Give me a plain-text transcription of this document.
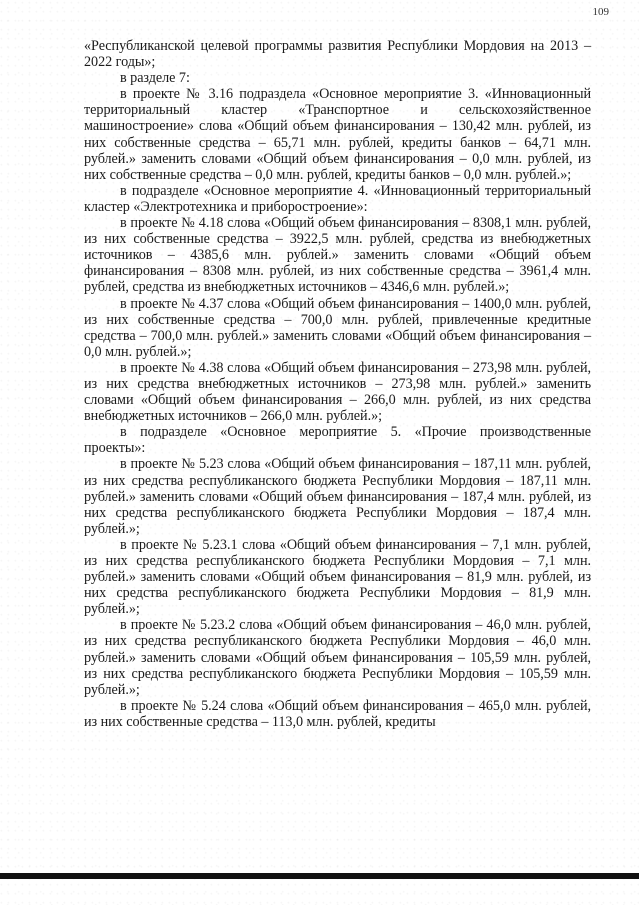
109

«Республиканской целевой программы развития Республики Мордовия на 2013 – 2022 годы»;

в разделе 7:

в проекте № 3.16 подраздела «Основное мероприятие 3. «Инновационный территориальный кластер «Транспортное и сельскохозяйственное машиностроение» слова «Общий объем финансирования – 130,42 млн. рублей, из них собственные средства – 65,71 млн. рублей, кредиты банков – 64,71 млн. рублей.» заменить словами «Общий объем финансирования – 0,0 млн. рублей, из них собственные средства – 0,0 млн. рублей, кредиты банков – 0,0 млн. рублей.»;

в подразделе «Основное мероприятие 4. «Инновационный территориальный кластер «Электротехника и приборостроение»:

в проекте № 4.18 слова «Общий объем финансирования – 8308,1 млн. рублей, из них собственные средства – 3922,5 млн. рублей, средства из внебюджетных источников – 4385,6 млн. рублей.» заменить словами «Общий объем финансирования – 8308 млн. рублей, из них собственные средства – 3961,4 млн. рублей, средства из внебюджетных источников – 4346,6 млн. рублей.»;

в проекте № 4.37 слова «Общий объем финансирования – 1400,0 млн. рублей, из них собственные средства – 700,0 млн. рублей, привлеченные кредитные средства – 700,0 млн. рублей.» заменить словами «Общий объем финансирования – 0,0 млн. рублей.»;

в проекте № 4.38 слова «Общий объем финансирования – 273,98 млн. рублей, из них средства внебюджетных источников – 273,98 млн. рублей.» заменить словами «Общий объем финансирования – 266,0 млн. рублей, из них средства внебюджетных источников – 266,0 млн. рублей.»;

в подразделе «Основное мероприятие 5. «Прочие производственные проекты»:

в проекте № 5.23 слова «Общий объем финансирования – 187,11 млн. рублей, из них средства республиканского бюджета Республики Мордовия – 187,11 млн. рублей.» заменить словами «Общий объем финансирования – 187,4 млн. рублей, из них средства республиканского бюджета Республики Мордовия – 187,4 млн. рублей.»;

в проекте № 5.23.1 слова «Общий объем финансирования – 7,1 млн. рублей, из них средства республиканского бюджета Республики Мордовия – 7,1 млн. рублей.» заменить словами «Общий объем финансирования – 81,9 млн. рублей, из них средства республиканского бюджета Республики Мордовия – 81,9 млн. рублей.»;

в проекте № 5.23.2 слова «Общий объем финансирования – 46,0 млн. рублей, из них средства республиканского бюджета Республики Мордовия – 46,0 млн. рублей.» заменить словами «Общий объем финансирования – 105,59 млн. рублей, из них средства республиканского бюджета Республики Мордовия – 105,59 млн. рублей.»;

в проекте № 5.24 слова «Общий объем финансирования – 465,0 млн. рублей, из них собственные средства – 113,0 млн. рублей, кредиты
